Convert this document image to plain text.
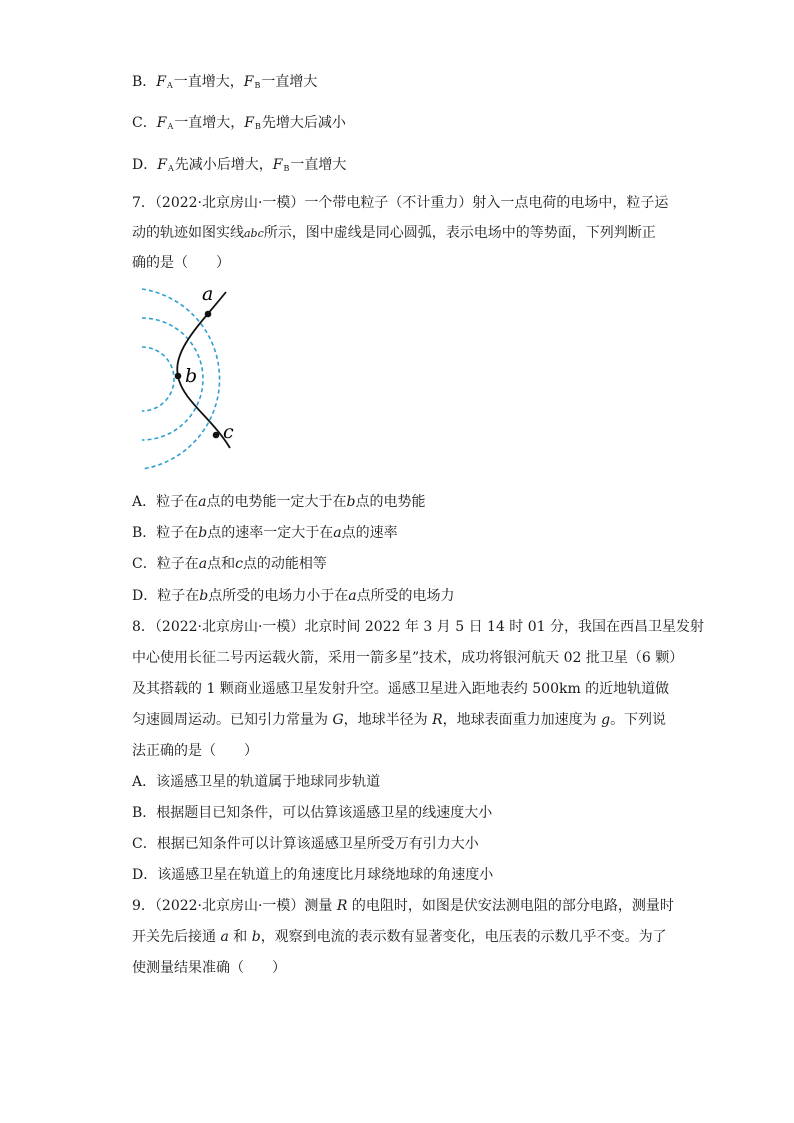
B．$F_A$一直增大，$F_B$一直增大
C．$F_A$一直增大，$F_B$先增大后减小
D．$F_A$先减小后增大，$F_B$一直增大
7．（2022·北京房山·一模）一个带电粒子（不计重力）射入一点电荷的电场中，粒子运
动的轨迹如图实线abc所示，图中虚线是同心圆弧，表示电场中的等势面，下列判断正
确的是（　　）
a
b
c
A．粒子在a点的电势能一定大于在b点的电势能
B．粒子在b点的速率一定大于在a点的速率
C．粒子在a点和c点的动能相等
D．粒子在b点所受的电场力小于在a点所受的电场力
8．（2022·北京房山·一模）北京时间 2022 年 3 月 5 日 14 时 01 分，我国在西昌卫星发射
中心使用长征二号丙运载火箭，采用一箭多星”技术，成功将银河航天 02 批卫星（6 颗）
及其搭载的 1 颗商业遥感卫星发射升空。遥感卫星进入距地表约 500km 的近地轨道做
匀速圆周运动。已知引力常量为 G，地球半径为 R，地球表面重力加速度为 g。下列说
法正确的是（　　）
A．该遥感卫星的轨道属于地球同步轨道
B．根据题目已知条件，可以估算该遥感卫星的线速度大小
C．根据已知条件可以计算该遥感卫星所受万有引力大小
D．该遥感卫星在轨道上的角速度比月球绕地球的角速度小
9．（2022·北京房山·一模）测量 R 的电阻时，如图是伏安法测电阻的部分电路，测量时
开关先后接通 a 和 b，观察到电流的表示数有显著变化，电压表的示数几乎不变。为了
使测量结果准确（　　）
